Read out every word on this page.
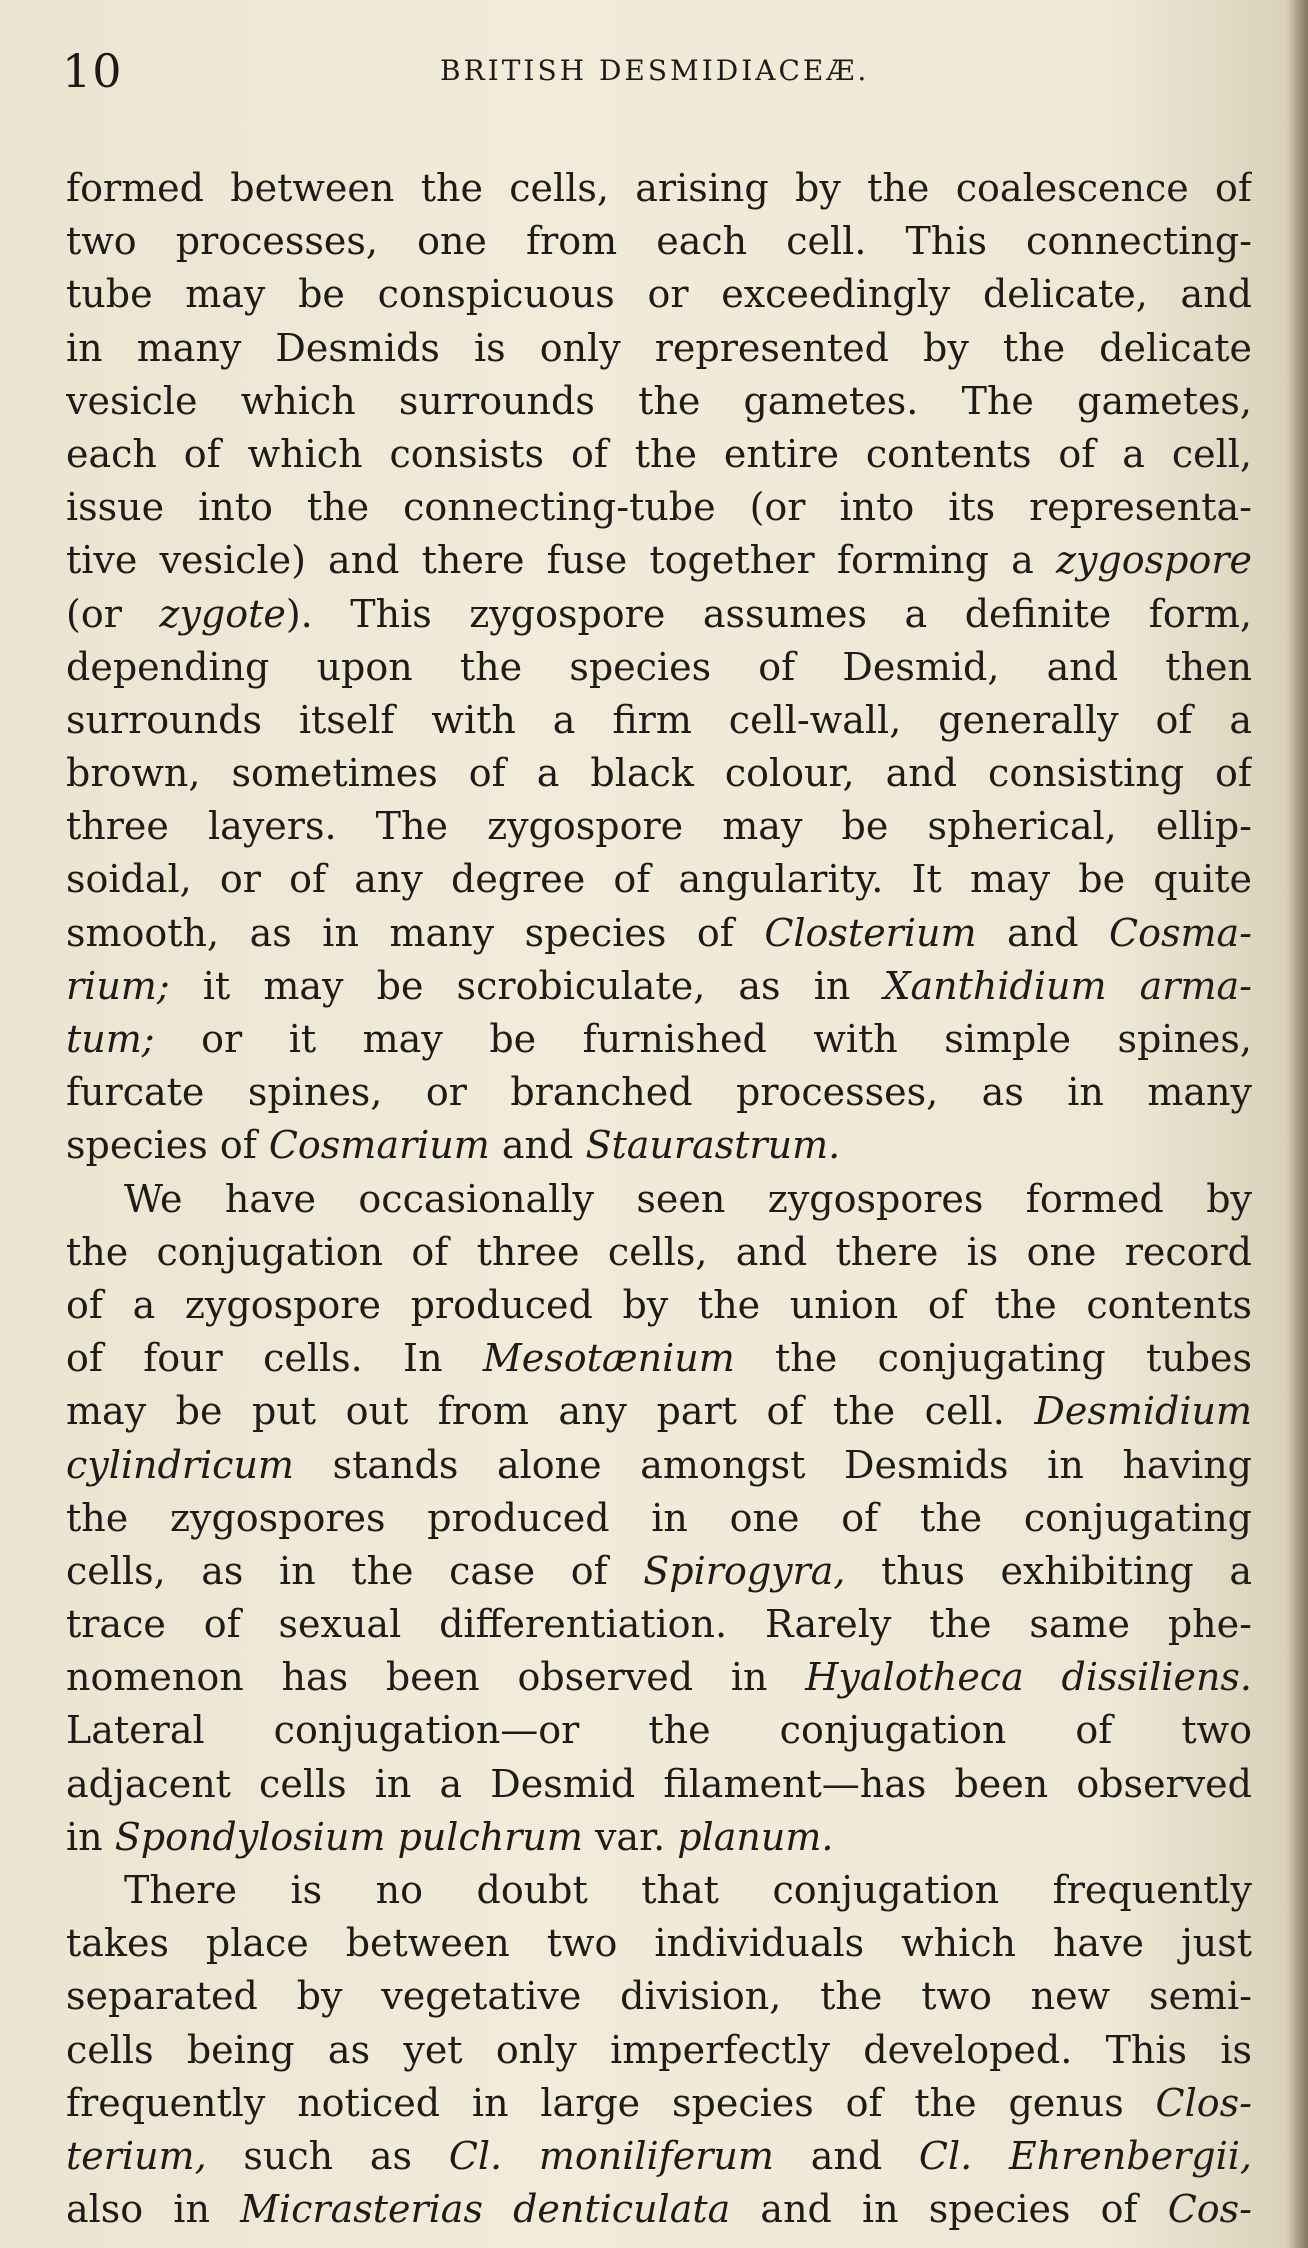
10	BRITISH DESMIDIACEÆ.
formed between the cells, arising by the coalescence of
two processes, one from each cell. This connecting-
tube may be conspicuous or exceedingly delicate, and
in many Desmids is only represented by the delicate
vesicle which surrounds the gametes. The gametes,
each of which consists of the entire contents of a cell,
issue into the connecting-tube (or into its representa-
tive vesicle) and there fuse together forming a zygospore
(or zygote). This zygospore assumes a definite form,
depending upon the species of Desmid, and then
surrounds itself with a firm cell-wall, generally of a
brown, sometimes of a black colour, and consisting of
three layers. The zygospore may be spherical, ellip-
soidal, or of any degree of angularity. It may be quite
smooth, as in many species of Closterium and Cosma-
rium; it may be scrobiculate, as in Xanthidium arma-
tum; or it may be furnished with simple spines,
furcate spines, or branched processes, as in many
species of Cosmarium and Staurastrum.
We have occasionally seen zygospores formed by
the conjugation of three cells, and there is one record
of a zygospore produced by the union of the contents
of four cells. In Mesotænium the conjugating tubes
may be put out from any part of the cell. Desmidium
cylindricum stands alone amongst Desmids in having
the zygospores produced in one of the conjugating
cells, as in the case of Spirogyra, thus exhibiting a
trace of sexual differentiation. Rarely the same phe-
nomenon has been observed in Hyalotheca dissiliens.
Lateral conjugation—or the conjugation of two
adjacent cells in a Desmid filament—has been observed
in Spondylosium pulchrum var. planum.
There is no doubt that conjugation frequently
takes place between two individuals which have just
separated by vegetative division, the two new semi-
cells being as yet only imperfectly developed. This is
frequently noticed in large species of the genus Clos-
terium, such as Cl. moniliferum and Cl. Ehrenbergii,
also in Micrasterias denticulata and in species of Cos-
